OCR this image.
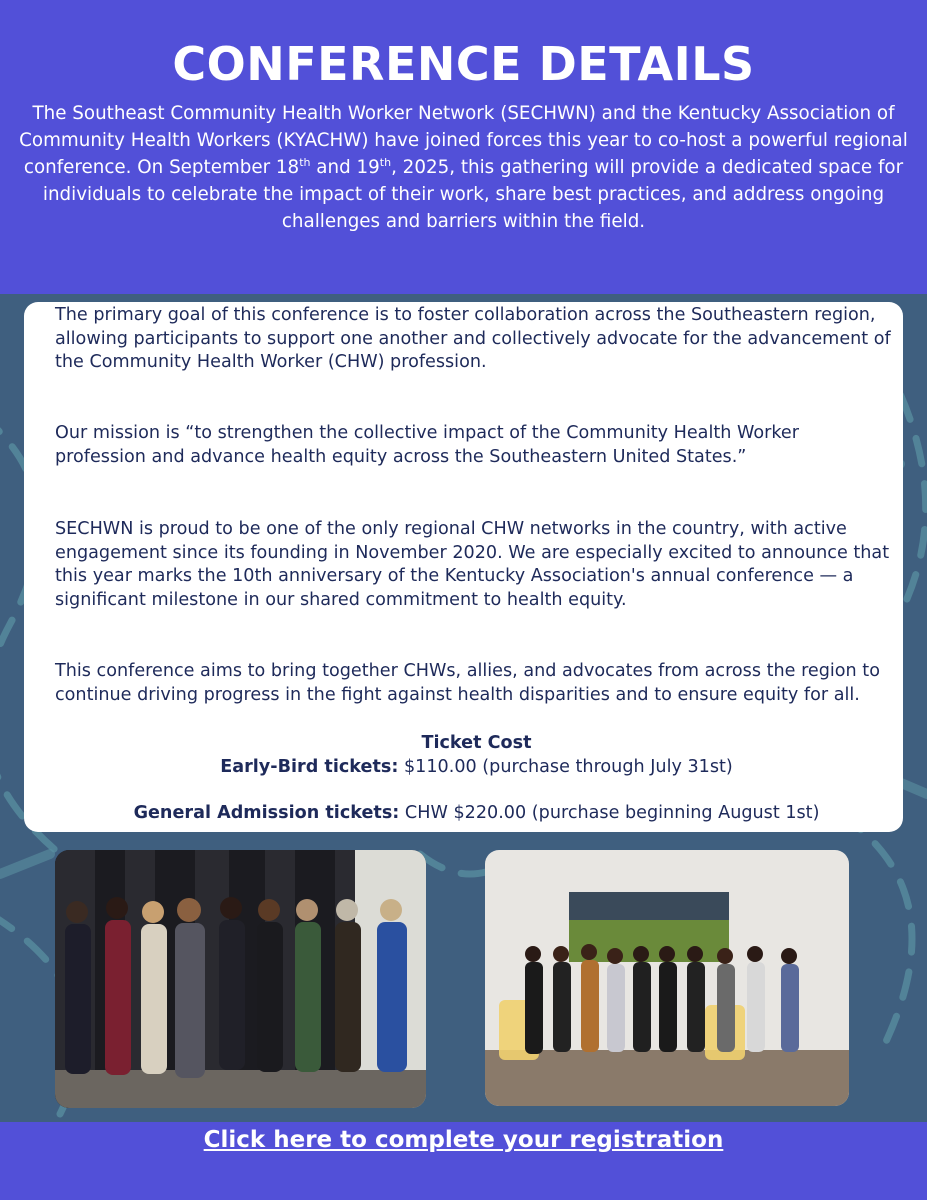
CONFERENCE DETAILS

The Southeast Community Health Worker Network (SECHWN) and the Kentucky Association of Community Health Workers (KYACHW) have joined forces this year to co-host a powerful regional conference. On September 18th and 19th, 2025, this gathering will provide a dedicated space for individuals to celebrate the impact of their work, share best practices, and address ongoing challenges and barriers within the field.

The primary goal of this conference is to foster collaboration across the Southeastern region, allowing participants to support one another and collectively advocate for the advancement of the Community Health Worker (CHW) profession.

Our mission is “to strengthen the collective impact of the Community Health Worker profession and advance health equity across the Southeastern United States.”

SECHWN is proud to be one of the only regional CHW networks in the country, with active engagement since its founding in November 2020. We are especially excited to announce that this year marks the 10th anniversary of the Kentucky Association's annual conference — a significant milestone in our shared commitment to health equity.

This conference aims to bring together CHWs, allies, and advocates from across the region to continue driving progress in the fight against health disparities and to ensure equity for all.

Ticket Cost

Early-Bird tickets: $110.00 (purchase through July 31st)

General Admission tickets: CHW $220.00 (purchase beginning August 1st)

Click here to complete your registration
